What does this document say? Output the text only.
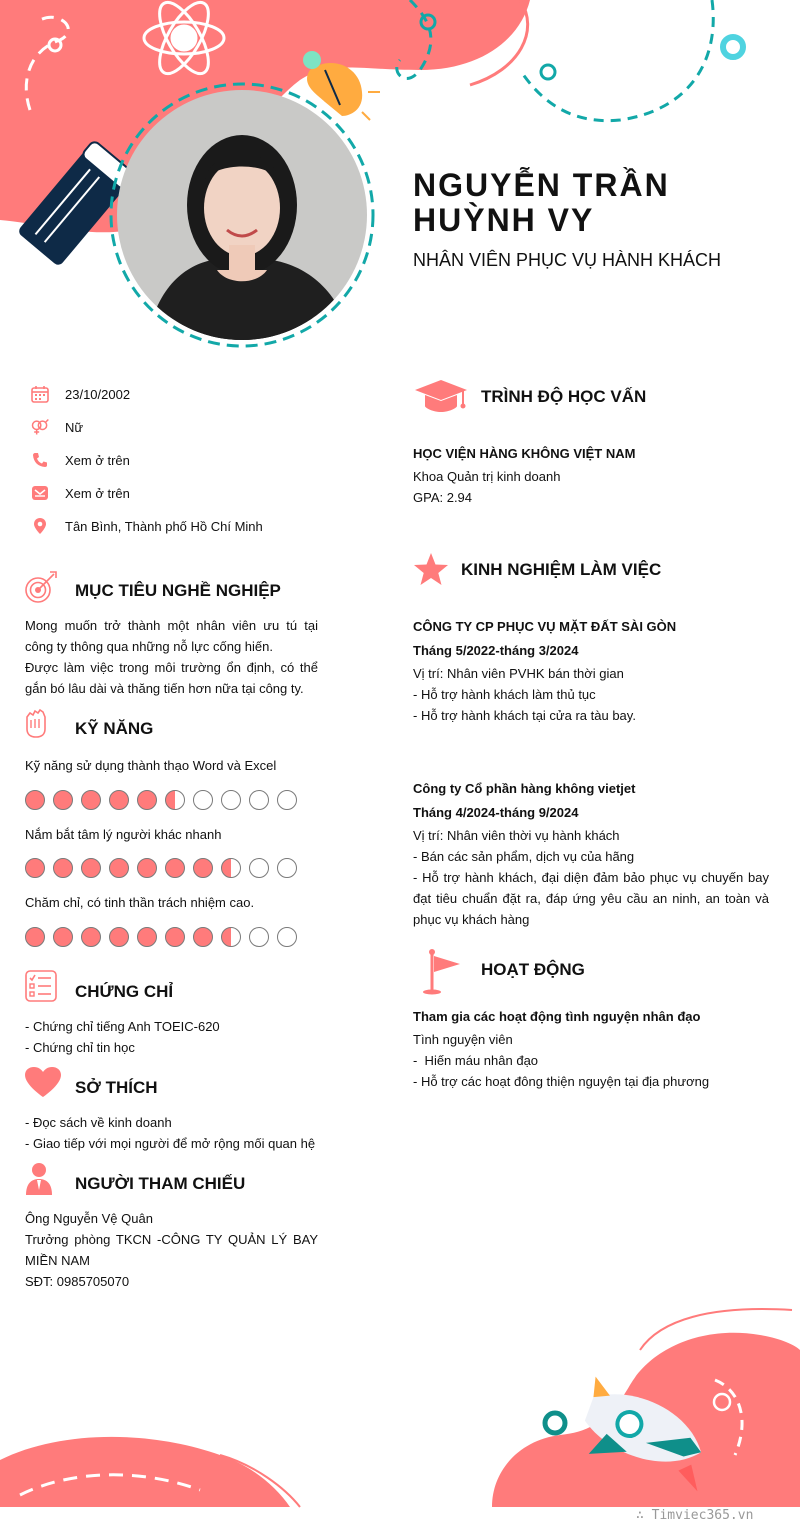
NGUYỄN TRẦN
HUỲNH VY
NHÂN VIÊN PHỤC VỤ HÀNH KHÁCH
23/10/2002
Nữ
Xem ở trên
Xem ở trên
Tân Bình, Thành phố Hồ Chí Minh
MỤC TIÊU NGHỀ NGHIỆP
Mong muốn trở thành một nhân viên ưu tú tại công ty thông qua những nỗ lực cống hiến.
Được làm việc trong môi trường ổn định, có thể gắn bó lâu dài và thăng tiến hơn nữa tại công ty.
KỸ NĂNG
Kỹ năng sử dụng thành thạo Word và Excel
Nắm bắt tâm lý người khác nhanh
Chăm chỉ, có tinh thần trách nhiệm cao.
CHỨNG CHỈ
- Chứng chỉ tiếng Anh TOEIC-620
- Chứng chỉ tin học
SỞ THÍCH
- Đọc sách về kinh doanh
- Giao tiếp với mọi người để mở rộng mối quan hệ
NGƯỜI THAM CHIẾU
Ông Nguyễn Vệ Quân
Trưởng phòng TKCN -CÔNG TY QUẢN LÝ BAY MIỀN NAM
SĐT: 0985705070
TRÌNH ĐỘ HỌC VẤN
HỌC VIỆN HÀNG KHÔNG VIỆT NAM
Khoa Quản trị kinh doanh
GPA: 2.94
KINH NGHIỆM LÀM VIỆC
CÔNG TY CP PHỤC VỤ MẶT ĐẤT SÀI GÒN
Tháng 5/2022-tháng 3/2024
Vị trí: Nhân viên PVHK bán thời gian
- Hỗ trợ hành khách làm thủ tục
- Hỗ trợ hành khách tại cửa ra tàu bay.
Công ty Cổ phần hàng không vietjet
Tháng 4/2024-tháng 9/2024
Vị trí: Nhân viên thời vụ hành khách
- Bán các sản phẩm, dịch vụ của hãng
- Hỗ trợ hành khách, đại diện đảm bảo phục vụ chuyến bay đạt tiêu chuẩn đặt ra, đáp ứng yêu cầu an ninh, an toàn và phục vụ khách hàng
HOẠT ĐỘNG
Tham gia các hoạt động tình nguyện nhân đạo
Tình nguyện viên
-  Hiến máu nhân đạo
- Hỗ trợ các hoạt đông thiện nguyện tại địa phương
∴ Timviec365.vn
